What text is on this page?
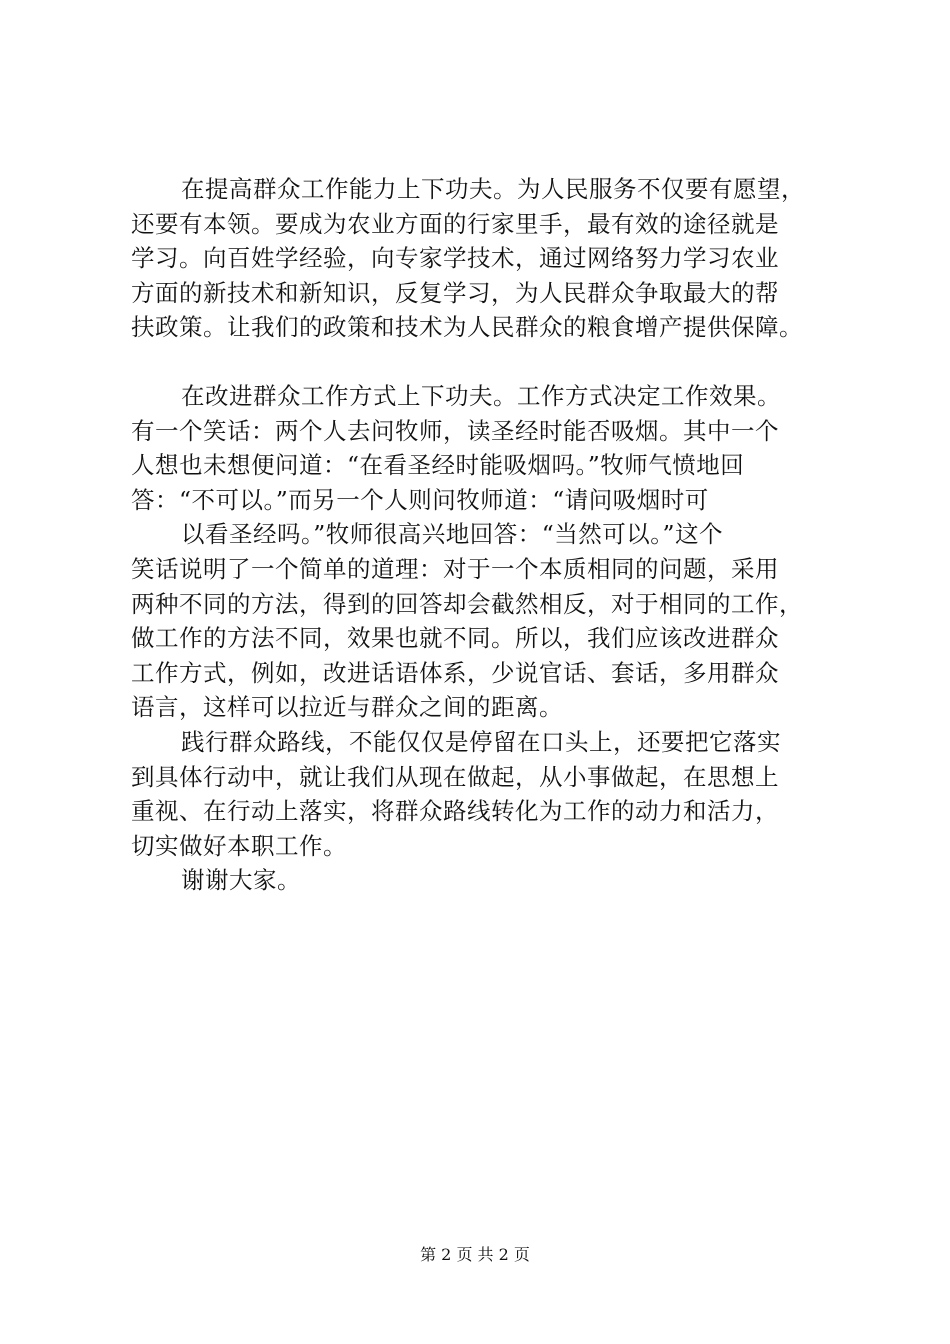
在提高群众工作能力上下功夫。为人民服务不仅要有愿望，
还要有本领。要成为农业方面的行家里手，最有效的途径就是
学习。向百姓学经验，向专家学技术，通过网络努力学习农业
方面的新技术和新知识，反复学习，为人民群众争取最大的帮
扶政策。让我们的政策和技术为人民群众的粮食增产提供保障。
在改进群众工作方式上下功夫。工作方式决定工作效果。
有一个笑话：两个人去问牧师，读圣经时能否吸烟。其中一个
人想也未想便问道：“在看圣经时能吸烟吗。”牧师气愤地回
答：“不可以。”而另一个人则问牧师道：“请问吸烟时可
以看圣经吗。”牧师很高兴地回答：“当然可以。”这个
笑话说明了一个简单的道理：对于一个本质相同的问题，采用
两种不同的方法，得到的回答却会截然相反，对于相同的工作，
做工作的方法不同，效果也就不同。所以，我们应该改进群众
工作方式，例如，改进话语体系，少说官话、套话，多用群众
语言，这样可以拉近与群众之间的距离。
践行群众路线，不能仅仅是停留在口头上，还要把它落实
到具体行动中，就让我们从现在做起，从小事做起，在思想上
重视、在行动上落实，将群众路线转化为工作的动力和活力，
切实做好本职工作。
谢谢大家。
第 2 页 共 2 页
